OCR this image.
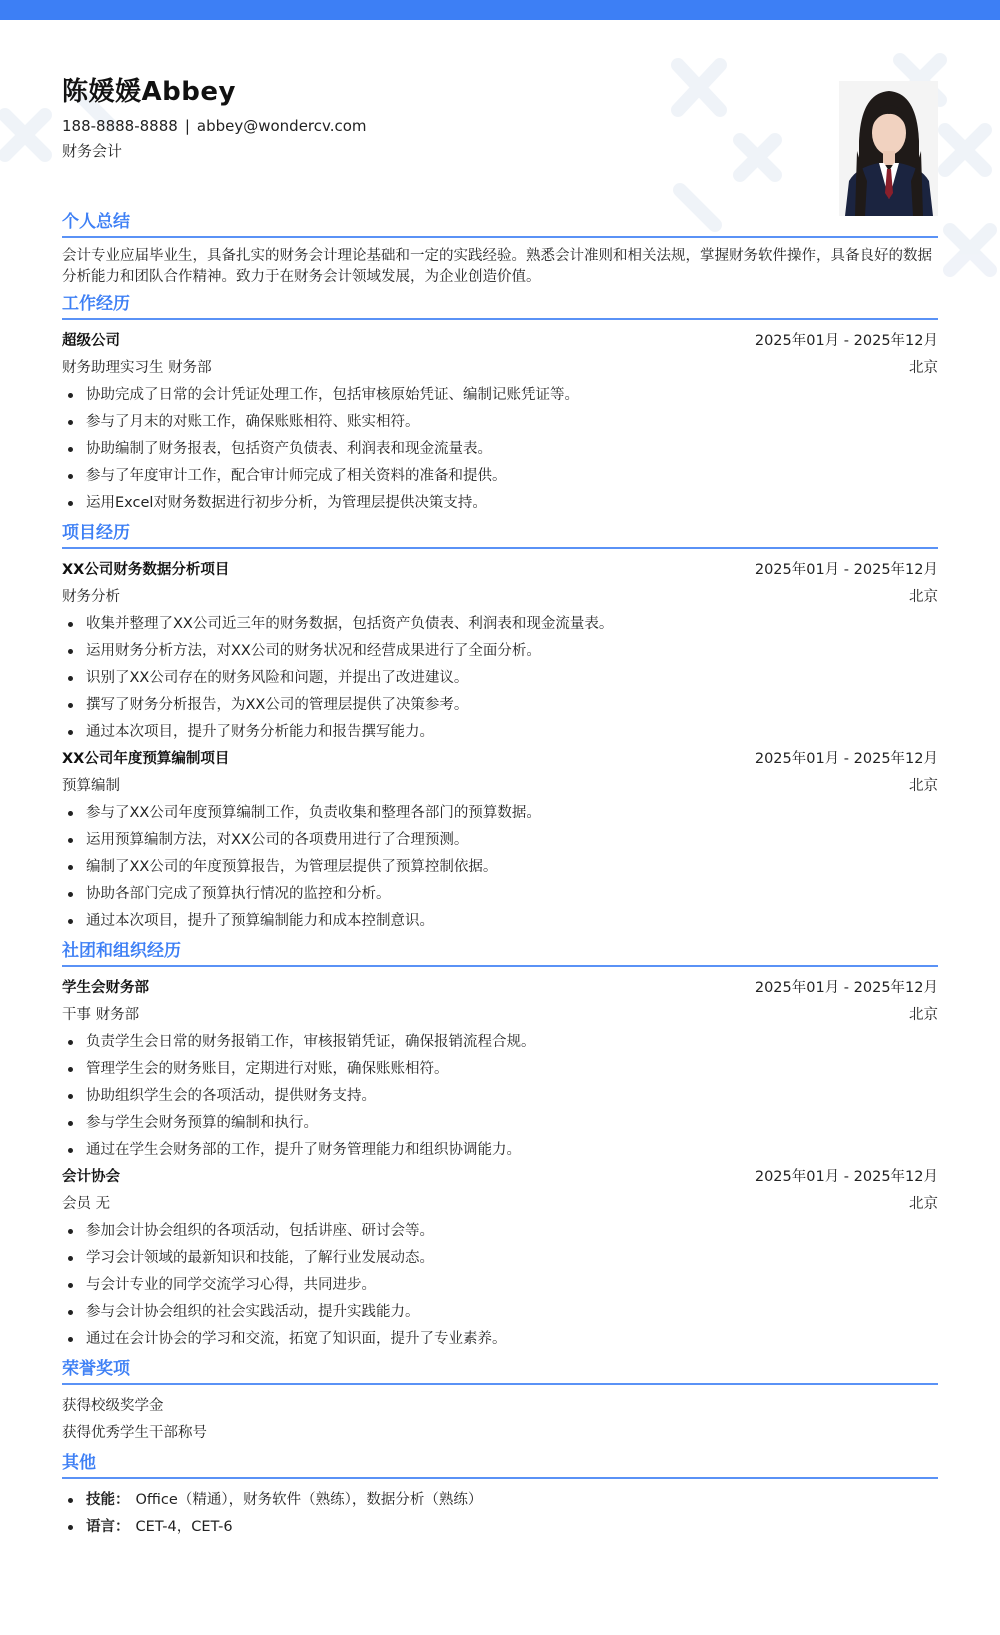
陈媛媛Abbey
188-8888-8888 | abbey@wondercv.com
财务会计
个人总结
会计专业应届毕业生，具备扎实的财务会计理论基础和一定的实践经验。熟悉会计准则和相关法规，掌握财务软件操作，具备良好的数据分析能力和团队合作精神。致力于在财务会计领域发展，为企业创造价值。
工作经历
超级公司	2025年01月 - 2025年12月
财务助理实习生 财务部	北京
协助完成了日常的会计凭证处理工作，包括审核原始凭证、编制记账凭证等。
参与了月末的对账工作，确保账账相符、账实相符。
协助编制了财务报表，包括资产负债表、利润表和现金流量表。
参与了年度审计工作，配合审计师完成了相关资料的准备和提供。
运用Excel对财务数据进行初步分析，为管理层提供决策支持。
项目经历
XX公司财务数据分析项目	2025年01月 - 2025年12月
财务分析	北京
收集并整理了XX公司近三年的财务数据，包括资产负债表、利润表和现金流量表。
运用财务分析方法，对XX公司的财务状况和经营成果进行了全面分析。
识别了XX公司存在的财务风险和问题，并提出了改进建议。
撰写了财务分析报告，为XX公司的管理层提供了决策参考。
通过本次项目，提升了财务分析能力和报告撰写能力。
XX公司年度预算编制项目	2025年01月 - 2025年12月
预算编制	北京
参与了XX公司年度预算编制工作，负责收集和整理各部门的预算数据。
运用预算编制方法，对XX公司的各项费用进行了合理预测。
编制了XX公司的年度预算报告，为管理层提供了预算控制依据。
协助各部门完成了预算执行情况的监控和分析。
通过本次项目，提升了预算编制能力和成本控制意识。
社团和组织经历
学生会财务部	2025年01月 - 2025年12月
干事 财务部	北京
负责学生会日常的财务报销工作，审核报销凭证，确保报销流程合规。
管理学生会的财务账目，定期进行对账，确保账账相符。
协助组织学生会的各项活动，提供财务支持。
参与学生会财务预算的编制和执行。
通过在学生会财务部的工作，提升了财务管理能力和组织协调能力。
会计协会	2025年01月 - 2025年12月
会员 无	北京
参加会计协会组织的各项活动，包括讲座、研讨会等。
学习会计领域的最新知识和技能，了解行业发展动态。
与会计专业的同学交流学习心得，共同进步。
参与会计协会组织的社会实践活动，提升实践能力。
通过在会计协会的学习和交流，拓宽了知识面，提升了专业素养。
荣誉奖项
获得校级奖学金
获得优秀学生干部称号
其他
技能： Office（精通），财务软件（熟练），数据分析（熟练）
语言： CET-4，CET-6
